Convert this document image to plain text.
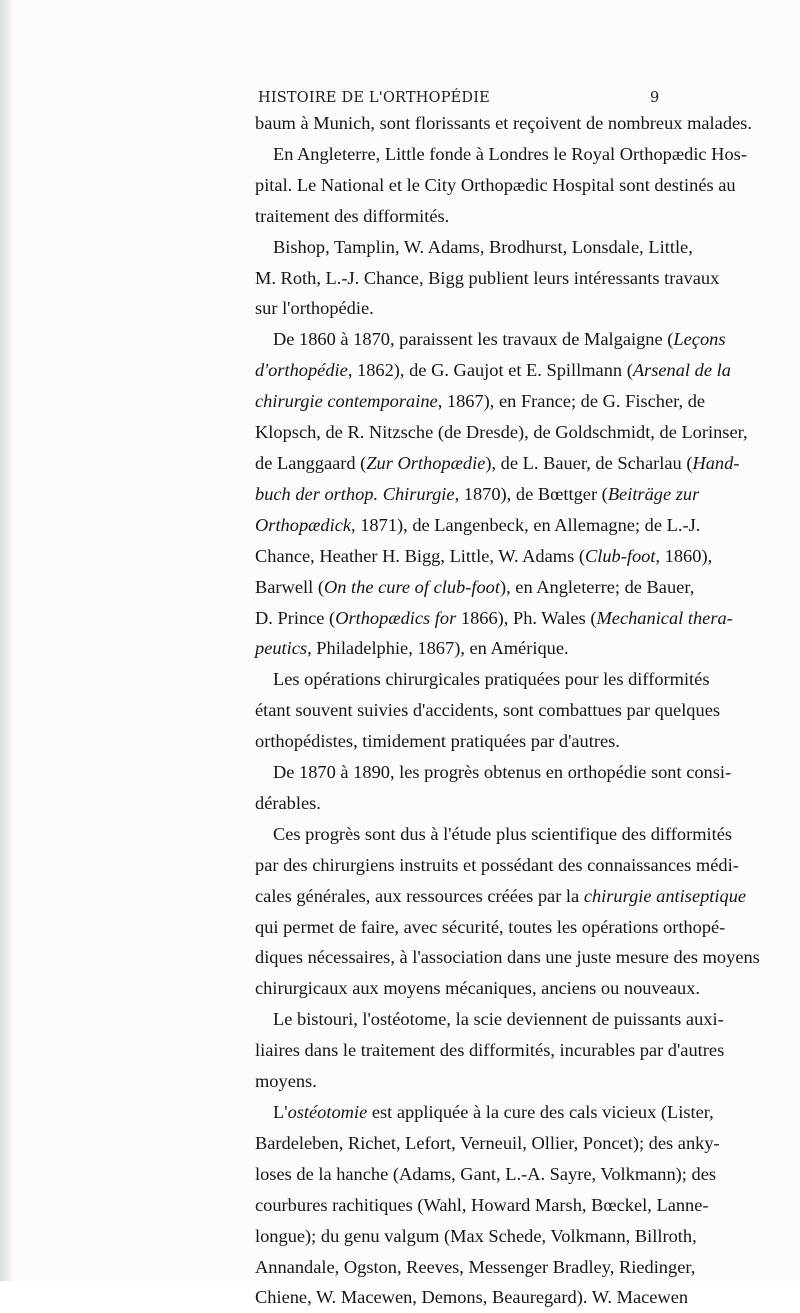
HISTOIRE DE L'ORTHOPÉDIE	9
baum à Munich, sont florissants et reçoivent de nombreux malades.
En Angleterre, Little fonde à Londres le Royal Orthopædic Hos-
pital. Le National et le City Orthopædic Hospital sont destinés au
traitement des difformités.
Bishop, Tamplin, W. Adams, Brodhurst, Lonsdale, Little,
M. Roth, L.-J. Chance, Bigg publient leurs intéressants travaux
sur l'orthopédie.
De 1860 à 1870, paraissent les travaux de Malgaigne (Leçons
d'orthopédie, 1862), de G. Gaujot et E. Spillmann (Arsenal de la
chirurgie contemporaine, 1867), en France; de G. Fischer, de
Klopsch, de R. Nitzsche (de Dresde), de Goldschmidt, de Lorinser,
de Langgaard (Zur Orthopædie), de L. Bauer, de Scharlau (Hand-
buch der orthop. Chirurgie, 1870), de Bœttger (Beiträge zur
Orthopædick, 1871), de Langenbeck, en Allemagne; de L.-J.
Chance, Heather H. Bigg, Little, W. Adams (Club-foot, 1860),
Barwell (On the cure of club-foot), en Angleterre; de Bauer,
D. Prince (Orthopædics for 1866), Ph. Wales (Mechanical thera-
peutics, Philadelphie, 1867), en Amérique.
Les opérations chirurgicales pratiquées pour les difformités
étant souvent suivies d'accidents, sont combattues par quelques
orthopédistes, timidement pratiquées par d'autres.
De 1870 à 1890, les progrès obtenus en orthopédie sont consi-
dérables.
Ces progrès sont dus à l'étude plus scientifique des difformités
par des chirurgiens instruits et possédant des connaissances médi-
cales générales, aux ressources créées par la chirurgie antiseptique
qui permet de faire, avec sécurité, toutes les opérations orthopé-
diques nécessaires, à l'association dans une juste mesure des moyens
chirurgicaux aux moyens mécaniques, anciens ou nouveaux.
Le bistouri, l'ostéotome, la scie deviennent de puissants auxi-
liaires dans le traitement des difformités, incurables par d'autres
moyens.
L'ostéotomie est appliquée à la cure des cals vicieux (Lister,
Bardeleben, Richet, Lefort, Verneuil, Ollier, Poncet); des anky-
loses de la hanche (Adams, Gant, L.-A. Sayre, Volkmann); des
courbures rachitiques (Wahl, Howard Marsh, Bœckel, Lanne-
longue); du genu valgum (Max Schede, Volkmann, Billroth,
Annandale, Ogston, Reeves, Messenger Bradley, Riedinger,
Chiene, W. Macewen, Demons, Beauregard). W. Macewen
